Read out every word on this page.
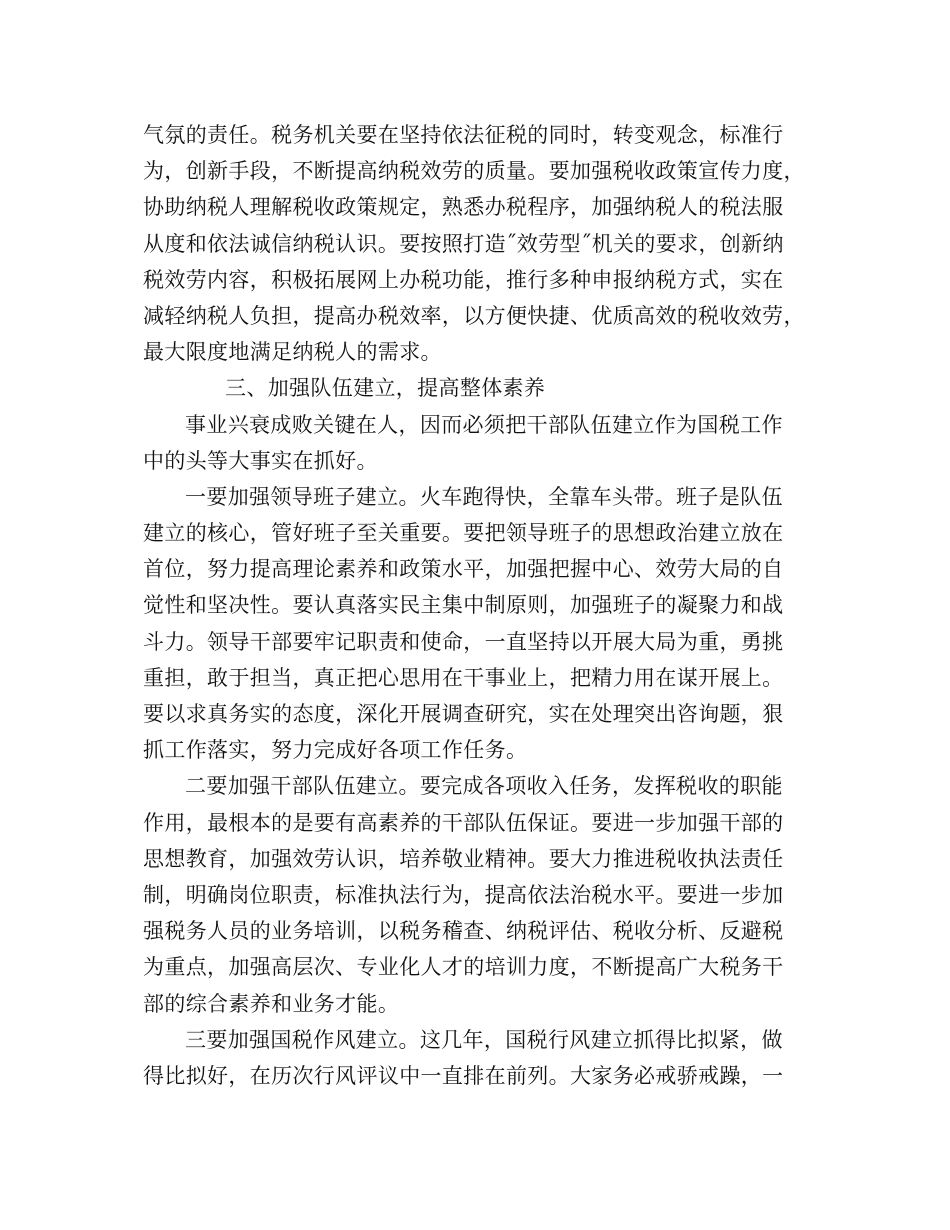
气氛的责任。税务机关要在坚持依法征税的同时，转变观念，标准行
为，创新手段，不断提高纳税效劳的质量。要加强税收政策宣传力度，
协助纳税人理解税收政策规定，熟悉办税程序，加强纳税人的税法服
从度和依法诚信纳税认识。要按照打造˝效劳型˝机关的要求，创新纳
税效劳内容，积极拓展网上办税功能，推行多种申报纳税方式，实在
减轻纳税人负担，提高办税效率，以方便快捷、优质高效的税收效劳，
最大限度地满足纳税人的需求。
三、加强队伍建立，提高整体素养
事业兴衰成败关键在人，因而必须把干部队伍建立作为国税工作
中的头等大事实在抓好。
一要加强领导班子建立。火车跑得快，全靠车头带。班子是队伍
建立的核心，管好班子至关重要。要把领导班子的思想政治建立放在
首位，努力提高理论素养和政策水平，加强把握中心、效劳大局的自
觉性和坚决性。要认真落实民主集中制原则，加强班子的凝聚力和战
斗力。领导干部要牢记职责和使命，一直坚持以开展大局为重，勇挑
重担，敢于担当，真正把心思用在干事业上，把精力用在谋开展上。
要以求真务实的态度，深化开展调查研究，实在处理突出咨询题，狠
抓工作落实，努力完成好各项工作任务。
二要加强干部队伍建立。要完成各项收入任务，发挥税收的职能
作用，最根本的是要有高素养的干部队伍保证。要进一步加强干部的
思想教育，加强效劳认识，培养敬业精神。要大力推进税收执法责任
制，明确岗位职责，标准执法行为，提高依法治税水平。要进一步加
强税务人员的业务培训，以税务稽查、纳税评估、税收分析、反避税
为重点，加强高层次、专业化人才的培训力度，不断提高广大税务干
部的综合素养和业务才能。
三要加强国税作风建立。这几年，国税行风建立抓得比拟紧，做
得比拟好，在历次行风评议中一直排在前列。大家务必戒骄戒躁，一
